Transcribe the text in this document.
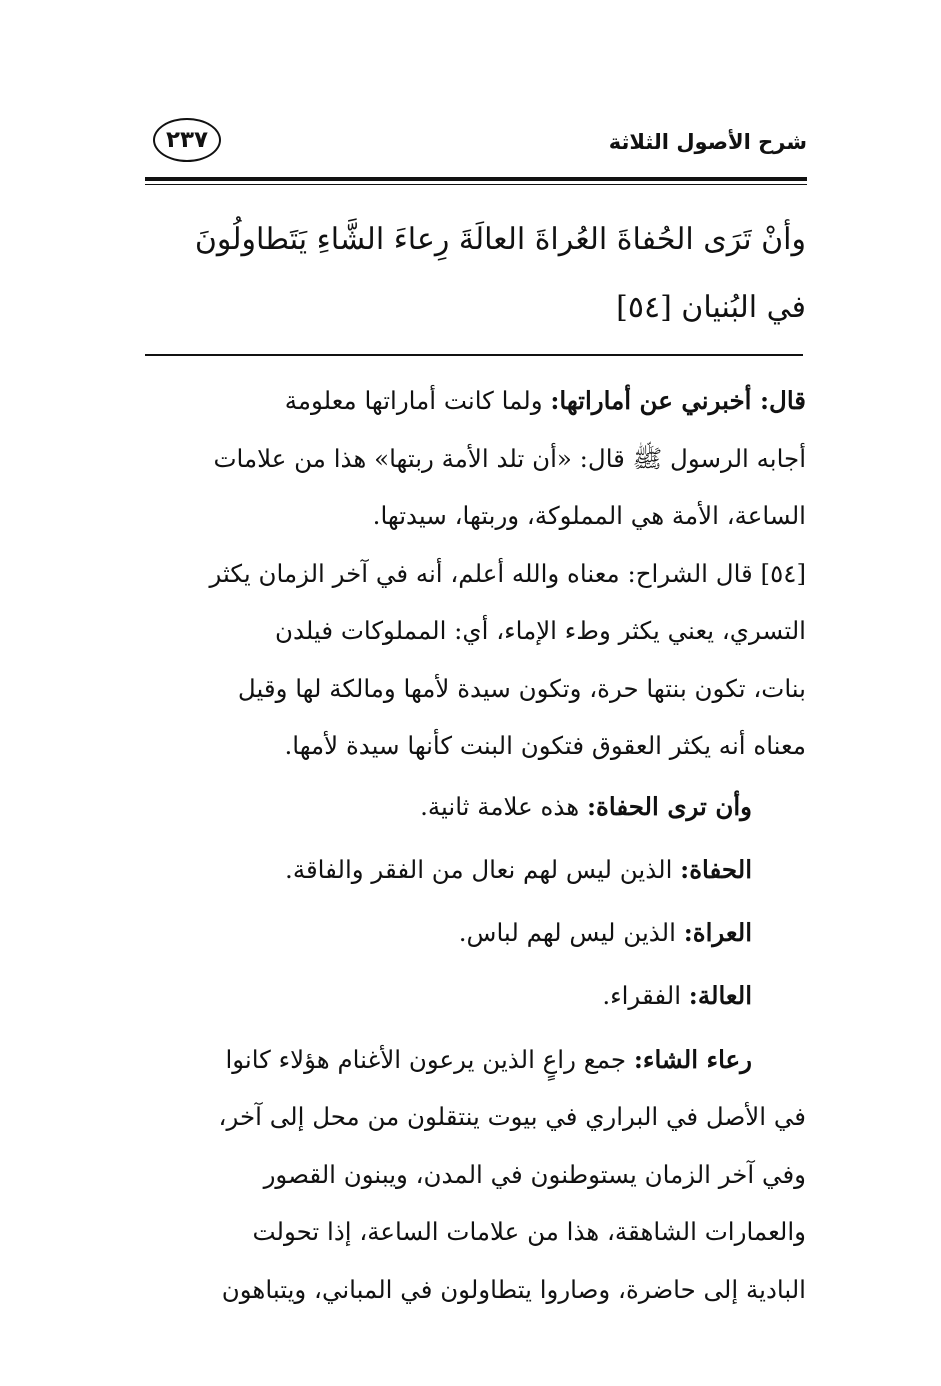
شرح الأصول الثلاثة
٢٣٧
وأنْ تَرَى الحُفاةَ العُراةَ العالَةَ رِعاءَ الشَّاءِ يَتَطاولُونَ
في البُنيان [٥٤]

قال: أخبرني عن أماراتها: ولما كانت أماراتها معلومة
أجابه الرسول ﷺ قال: «أن تلد الأمة ربتها» هذا من علامات
الساعة، الأمة هي المملوكة، وربتها، سيدتها.

[٥٤] قال الشراح: معناه والله أعلم، أنه في آخر الزمان يكثر
التسري، يعني يكثر وطء الإماء، أي: المملوكات فيلدن
بنات، تكون بنتها حرة، وتكون سيدة لأمها ومالكة لها وقيل
معناه أنه يكثر العقوق فتكون البنت كأنها سيدة لأمها.

وأن ترى الحفاة: هذه علامة ثانية.
الحفاة: الذين ليس لهم نعال من الفقر والفاقة.
العراة: الذين ليس لهم لباس.
العالة: الفقراء.

رعاء الشاء: جمع راعٍ الذين يرعون الأغنام هؤلاء كانوا
في الأصل في البراري في بيوت ينتقلون من محل إلى آخر،
وفي آخر الزمان يستوطنون في المدن، ويبنون القصور
والعمارات الشاهقة، هذا من علامات الساعة، إذا تحولت
البادية إلى حاضرة، وصاروا يتطاولون في المباني، ويتباهون
